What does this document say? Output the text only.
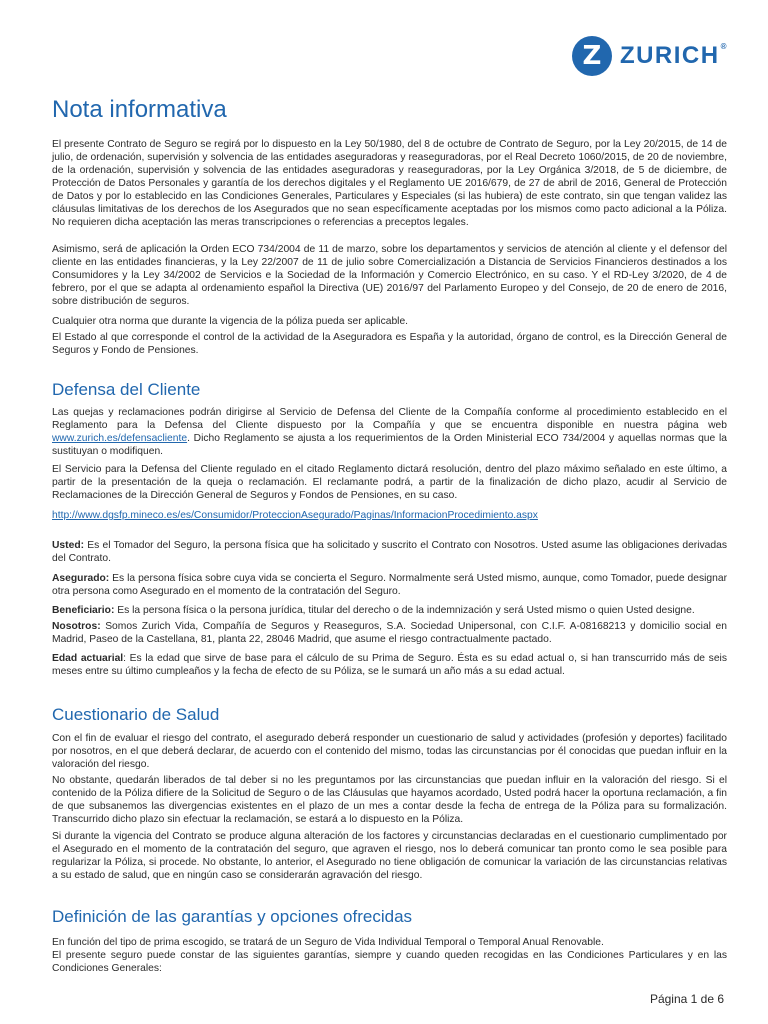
Z ZURICH®
Nota informativa

El presente Contrato de Seguro se regirá por lo dispuesto en la Ley 50/1980, del 8 de octubre de Contrato de Seguro, por la Ley 20/2015, de 14 de julio, de ordenación, supervisión y solvencia de las entidades aseguradoras y reaseguradoras, por el Real Decreto 1060/2015, de 20 de noviembre, de la ordenación, supervisión y solvencia de las entidades aseguradoras y reaseguradoras, por la Ley Orgánica 3/2018, de 5 de diciembre, de Protección de Datos Personales y garantía de los derechos digitales y el Reglamento UE 2016/679, de 27 de abril de 2016, General de Protección de Datos y por lo establecido en las Condiciones Generales, Particulares y Especiales (si las hubiera) de este contrato, sin que tengan validez las cláusulas limitativas de los derechos de los Asegurados que no sean específicamente aceptadas por los mismos como pacto adicional a la Póliza. No requieren dicha aceptación las meras transcripciones o referencias a preceptos legales.

Asimismo, será de aplicación la Orden ECO 734/2004 de 11 de marzo, sobre los departamentos y servicios de atención al cliente y el defensor del cliente en las entidades financieras, y la Ley 22/2007 de 11 de julio sobre Comercialización a Distancia de Servicios Financieros destinados a los Consumidores y la Ley 34/2002 de Servicios e la Sociedad de la Información y Comercio Electrónico, en su caso. Y el RD-Ley 3/2020, de 4 de febrero, por el que se adapta al ordenamiento español la Directiva (UE) 2016/97 del Parlamento Europeo y del Consejo, de 20 de enero de 2016, sobre distribución de seguros.

Cualquier otra norma que durante la vigencia de la póliza pueda ser aplicable.

El Estado al que corresponde el control de la actividad de la Aseguradora es España y la autoridad, órgano de control, es la Dirección General de Seguros y Fondo de Pensiones.

Defensa del Cliente

Las quejas y reclamaciones podrán dirigirse al Servicio de Defensa del Cliente de la Compañía conforme al procedimiento establecido en el Reglamento para la Defensa del Cliente dispuesto por la Compañía y que se encuentra disponible en nuestra página web www.zurich.es/defensacliente. Dicho Reglamento se ajusta a los requerimientos de la Orden Ministerial ECO 734/2004 y aquellas normas que la sustituyan o modifiquen.

El Servicio para la Defensa del Cliente regulado en el citado Reglamento dictará resolución, dentro del plazo máximo señalado en este último, a partir de la presentación de la queja o reclamación. El reclamante podrá, a partir de la finalización de dicho plazo, acudir al Servicio de Reclamaciones de la Dirección General de Seguros y Fondos de Pensiones, en su caso.

http://www.dgsfp.mineco.es/es/Consumidor/ProteccionAsegurado/Paginas/InformacionProcedimiento.aspx

Usted: Es el Tomador del Seguro, la persona física que ha solicitado y suscrito el Contrato con Nosotros. Usted asume las obligaciones derivadas del Contrato.

Asegurado: Es la persona física sobre cuya vida se concierta el Seguro. Normalmente será Usted mismo, aunque, como Tomador, puede designar otra persona como Asegurado en el momento de la contratación del Seguro.

Beneficiario: Es la persona física o la persona jurídica, titular del derecho o de la indemnización y será Usted mismo o quien Usted designe.

Nosotros: Somos Zurich Vida, Compañía de Seguros y Reaseguros, S.A. Sociedad Unipersonal, con C.I.F. A-08168213 y domicilio social en Madrid, Paseo de la Castellana, 81, planta 22, 28046 Madrid, que asume el riesgo contractualmente pactado.

Edad actuarial: Es la edad que sirve de base para el cálculo de su Prima de Seguro. Ésta es su edad actual o, si han transcurrido más de seis meses entre su último cumpleaños y la fecha de efecto de su Póliza, se le sumará un año más a su edad actual.

Cuestionario de Salud

Con el fin de evaluar el riesgo del contrato, el asegurado deberá responder un cuestionario de salud y actividades (profesión y deportes) facilitado por nosotros, en el que deberá declarar, de acuerdo con el contenido del mismo, todas las circunstancias por él conocidas que puedan influir en la valoración del riesgo.

No obstante, quedarán liberados de tal deber si no les preguntamos por las circunstancias que puedan influir en la valoración del riesgo. Si el contenido de la Póliza difiere de la Solicitud de Seguro o de las Cláusulas que hayamos acordado, Usted podrá hacer la oportuna reclamación, a fin de que subsanemos las divergencias existentes en el plazo de un mes a contar desde la fecha de entrega de la Póliza para su formalización. Transcurrido dicho plazo sin efectuar la reclamación, se estará a lo dispuesto en la Póliza.

Si durante la vigencia del Contrato se produce alguna alteración de los factores y circunstancias declaradas en el cuestionario cumplimentado por el Asegurado en el momento de la contratación del seguro, que agraven el riesgo, nos lo deberá comunicar tan pronto como le sea posible para regularizar la Póliza, si procede. No obstante, lo anterior, el Asegurado no tiene obligación de comunicar la variación de las circunstancias relativas a su estado de salud, que en ningún caso se considerarán agravación del riesgo.

Definición de las garantías y opciones ofrecidas

En función del tipo de prima escogido, se tratará de un Seguro de Vida Individual Temporal o Temporal Anual Renovable.

El presente seguro puede constar de las siguientes garantías, siempre y cuando queden recogidas en las Condiciones Particulares y en las Condiciones Generales:

Página 1 de 6
